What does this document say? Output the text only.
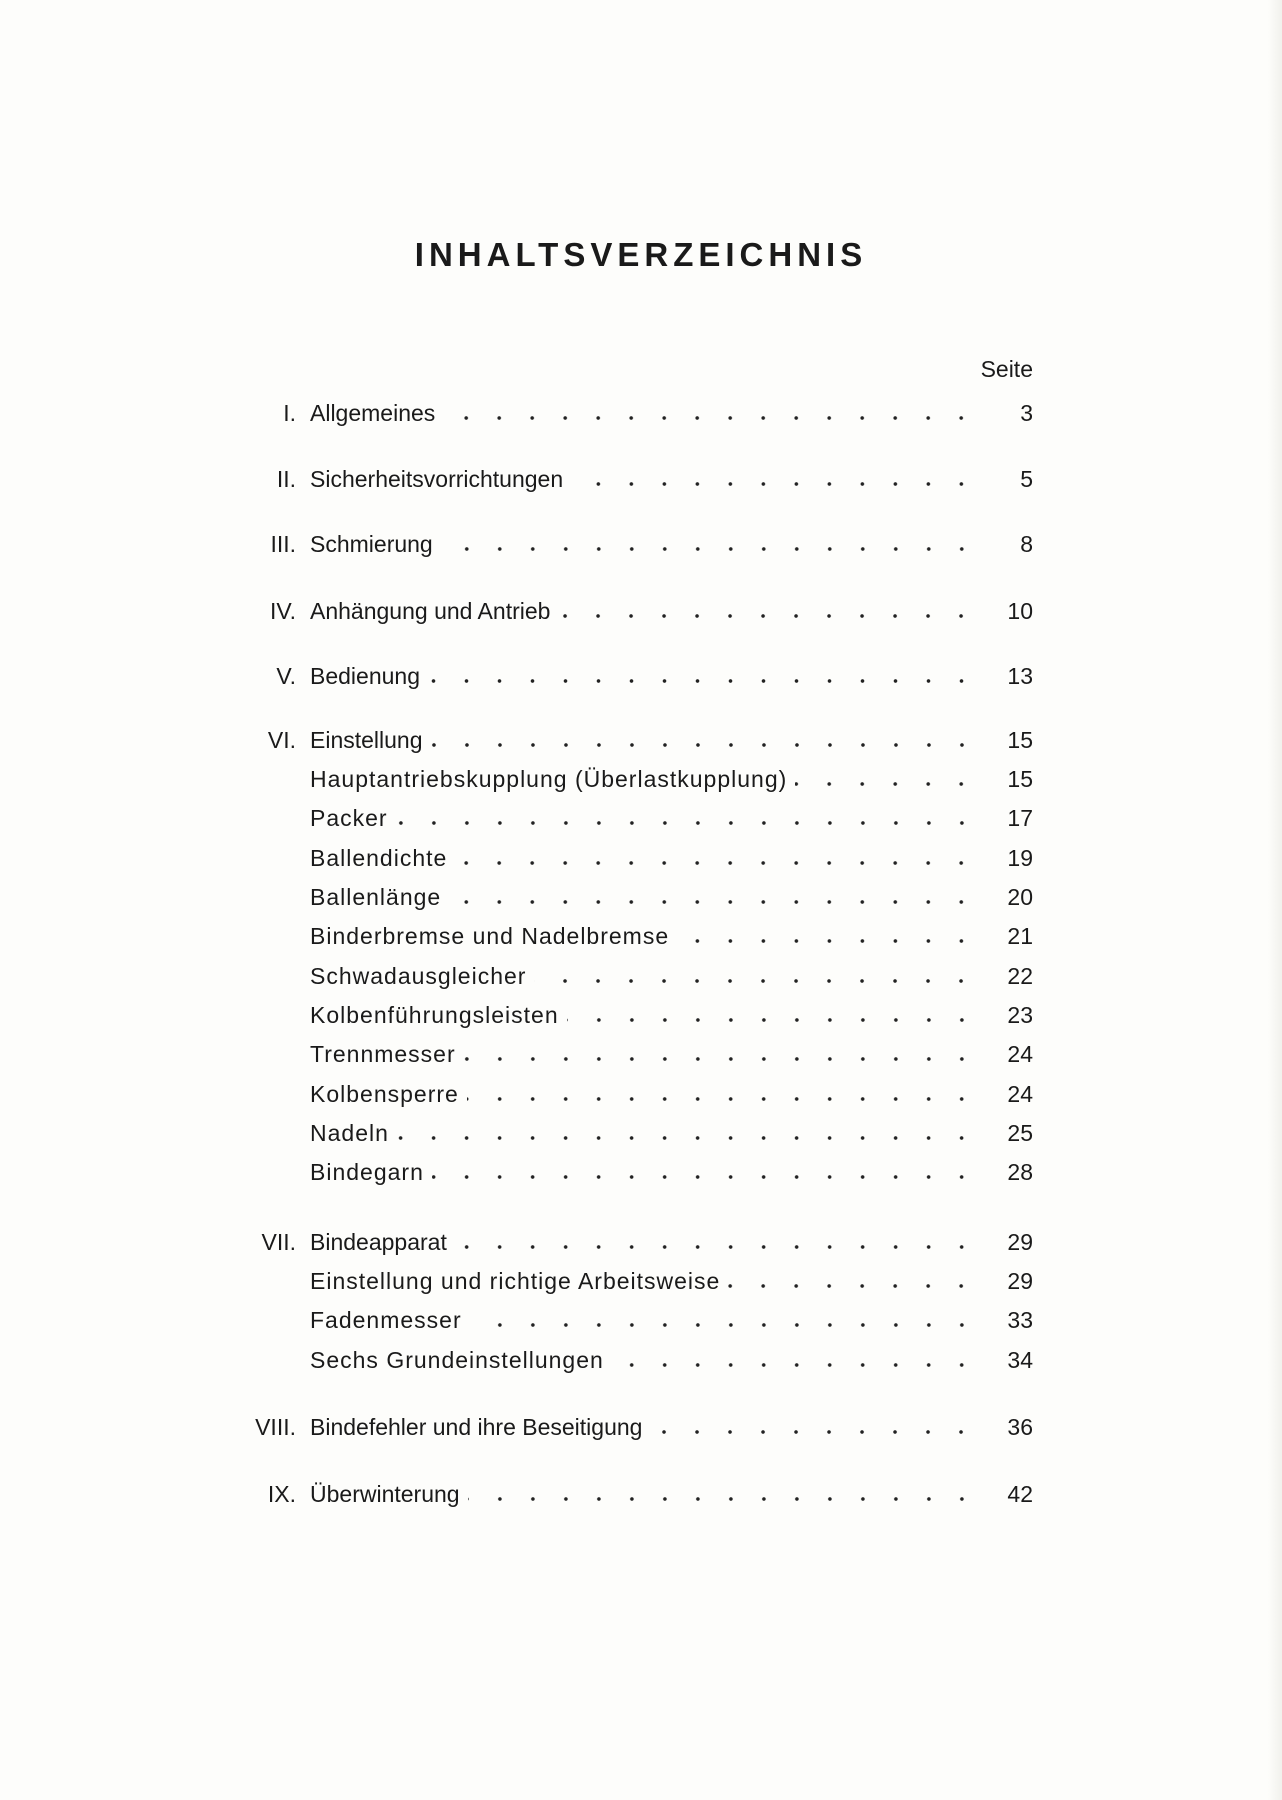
INHALTSVERZEICHNIS
Seite
I. Allgemeines	3
II. Sicherheitsvorrichtungen	5
III. Schmierung	8
IV. Anhängung und Antrieb	10
V. Bedienung	13
VI. Einstellung	15
Hauptantriebskupplung (Überlastkupplung)	15
Packer	17
Ballendichte	19
Ballenlänge	20
Binderbremse und Nadelbremse	21
Schwadausgleicher	22
Kolbenführungsleisten	23
Trennmesser	24
Kolbensperre	24
Nadeln	25
Bindegarn	28
VII. Bindeapparat	29
Einstellung und richtige Arbeitsweise	29
Fadenmesser	33
Sechs Grundeinstellungen	34
VIII. Bindefehler und ihre Beseitigung	36
IX. Überwinterung	42
